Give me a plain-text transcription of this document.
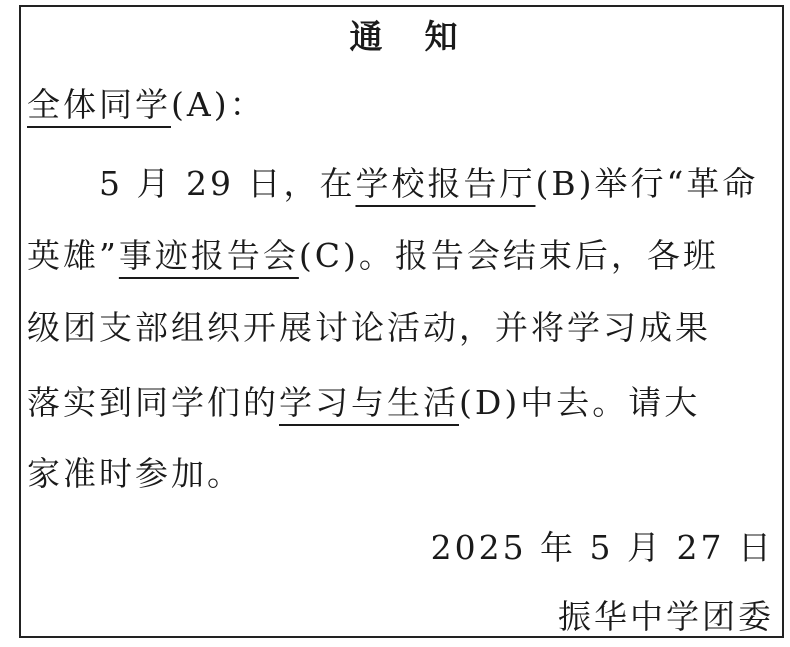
通 知
全体同学(A)：
5 月 29 日，在学校报告厅(B)举行“革命
英雄”事迹报告会(C)。报告会结束后，各班
级团支部组织开展讨论活动，并将学习成果
落实到同学们的学习与生活(D)中去。请大
家准时参加。
2025 年 5 月 27 日
振华中学团委
